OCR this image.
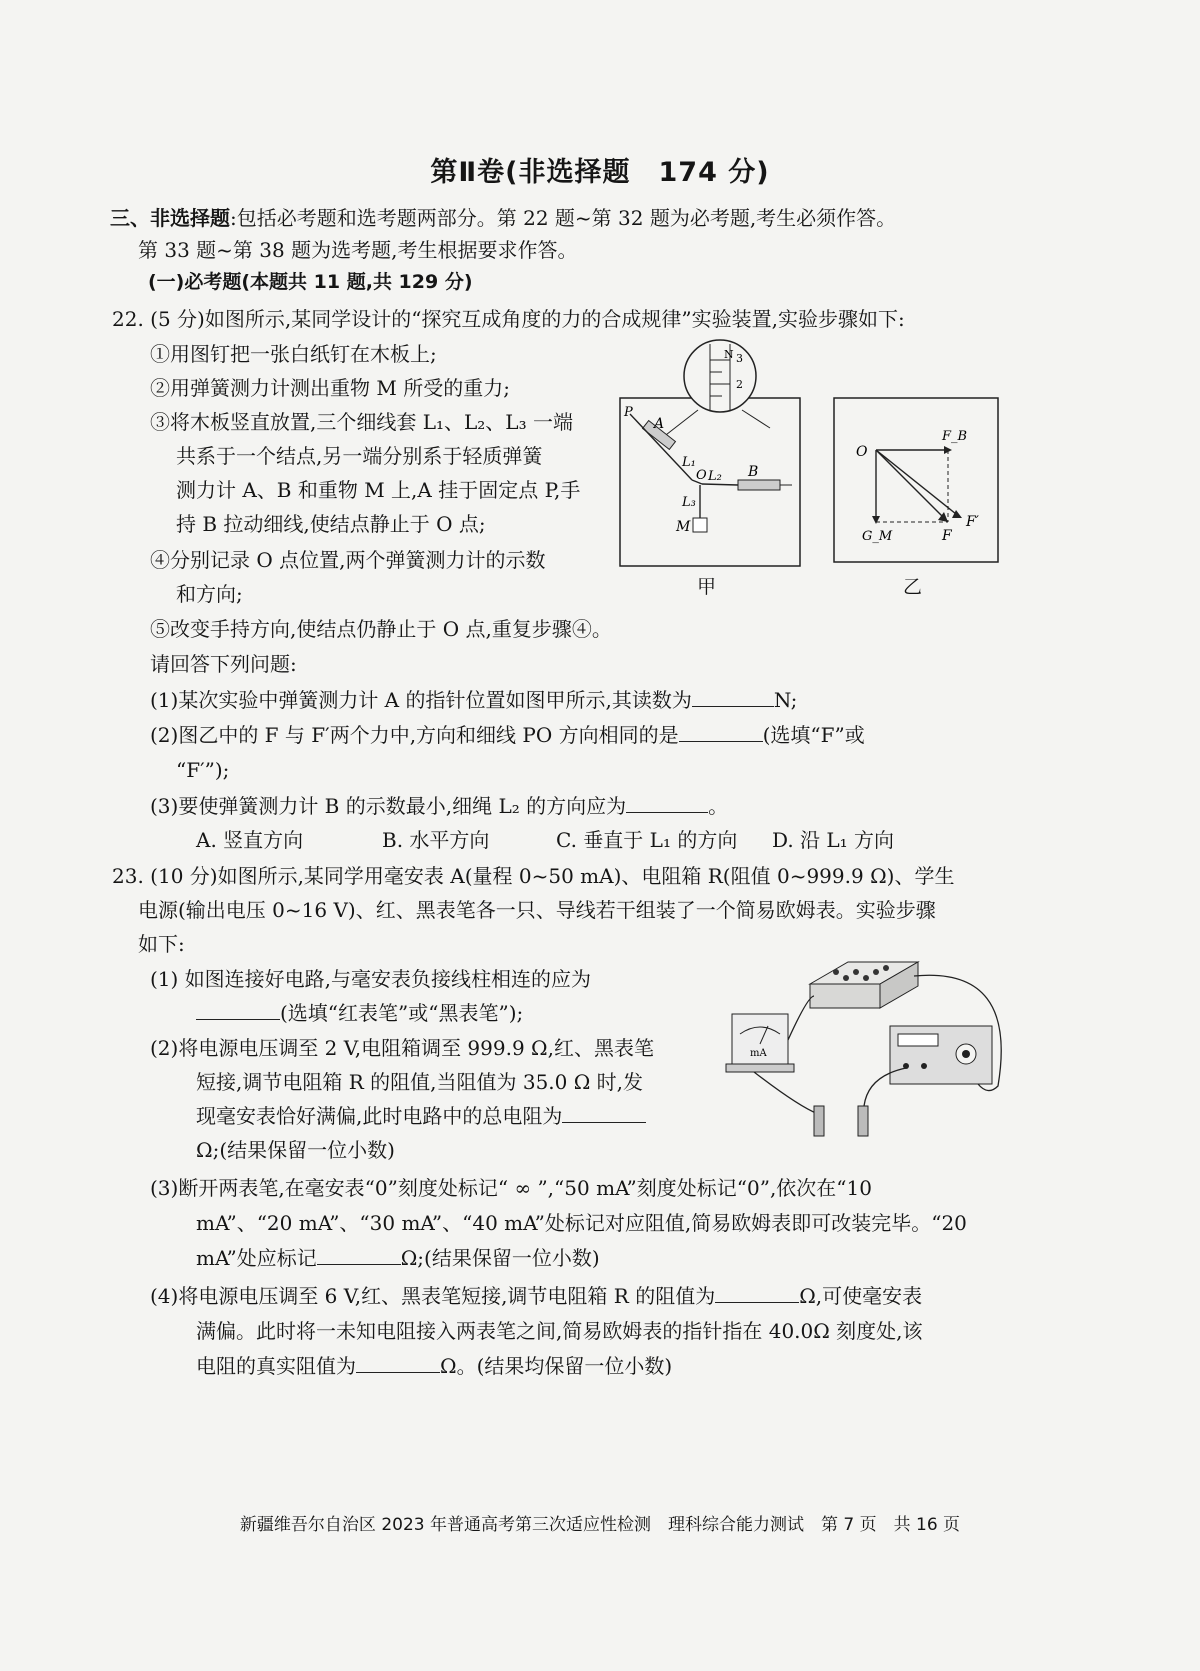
第Ⅱ卷(非选择题　174 分)
三、非选择题:包括必考题和选考题两部分。第 22 题~第 32 题为必考题,考生必须作答。
第 33 题~第 38 题为选考题,考生根据要求作答。
(一)必考题(本题共 11 题,共 129 分)
22. (5 分)如图所示,某同学设计的“探究互成角度的力的合成规律”实验装置,实验步骤如下:
①用图钉把一张白纸钉在木板上;
②用弹簧测力计测出重物 M 所受的重力;
③将木板竖直放置,三个细线套 L₁、L₂、L₃ 一端
共系于一个结点,另一端分别系于轻质弹簧
测力计 A、B 和重物 M 上,A 挂于固定点 P,手
持 B 拉动细线,使结点静止于 O 点;
④分别记录 O 点位置,两个弹簧测力计的示数
和方向;
⑤改变手持方向,使结点仍静止于 O 点,重复步骤④。
请回答下列问题:
(1)某次实验中弹簧测力计 A 的指针位置如图甲所示,其读数为	N;
(2)图乙中的 F 与 F′两个力中,方向和细线 PO 方向相同的是	(选填“F”或
“F′”);
(3)要使弹簧测力计 B 的示数最小,细绳 L₂ 的方向应为	。
A. 竖直方向	B. 水平方向	C. 垂直于 L₁ 的方向 D. 沿 L₁ 方向
N 3
2
P
A
L₁
O L₂ B
L₃
M
甲
O
F_B
G_M	F
F′
乙
23. (10 分)如图所示,某同学用毫安表 A(量程 0~50 mA)、电阻箱 R(阻值 0~999.9 Ω)、学生
电源(输出电压 0~16 V)、红、黑表笔各一只、导线若干组装了一个简易欧姆表。实验步骤
如下:
(1) 如图连接好电路,与毫安表负接线柱相连的应为
(选填“红表笔”或“黑表笔”);
(2)将电源电压调至 2 V,电阻箱调至 999.9 Ω,红、黑表笔
短接,调节电阻箱 R 的阻值,当阻值为 35.0 Ω 时,发
现毫安表恰好满偏,此时电路中的总电阻为
Ω;(结果保留一位小数)
(3)断开两表笔,在毫安表“0”刻度处标记“ ∞ ”,“50 mA”刻度处标记“0”,依次在“10
mA”、“20 mA”、“30 mA”、“40 mA”处标记对应阻值,简易欧姆表即可改装完毕。“20
mA”处应标记	Ω;(结果保留一位小数)
(4)将电源电压调至 6 V,红、黑表笔短接,调节电阻箱 R 的阻值为	Ω,可使毫安表
满偏。此时将一未知电阻接入两表笔之间,简易欧姆表的指针指在 40.0Ω 刻度处,该
电阻的真实阻值为	Ω。(结果均保留一位小数)
mA
新疆维吾尔自治区 2023 年普通高考第三次适应性检测　理科综合能力测试　第 7 页　共 16 页
